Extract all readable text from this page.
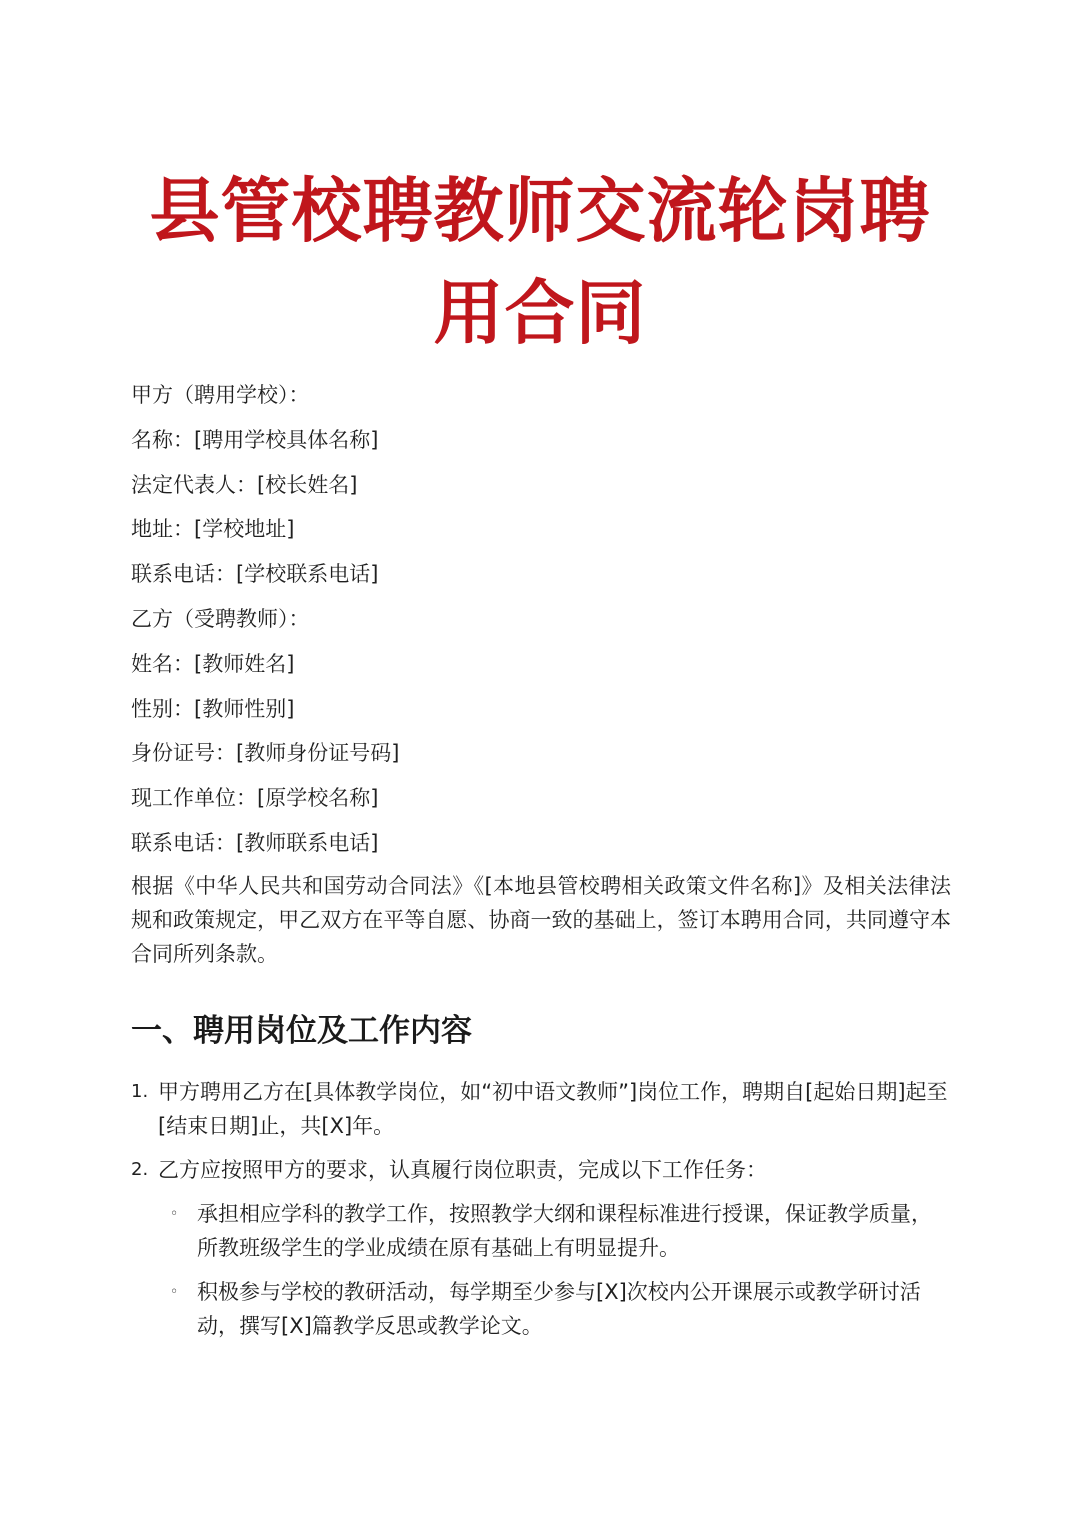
县管校聘教师交流轮岗聘用合同

甲方（聘用学校）：

名称：[聘用学校具体名称]

法定代表人：[校长姓名]

地址：[学校地址]

联系电话：[学校联系电话]

乙方（受聘教师）：

姓名：[教师姓名]

性别：[教师性别]

身份证号：[教师身份证号码]

现工作单位：[原学校名称]

联系电话：[教师联系电话]

根据《中华人民共和国劳动合同法》《[本地县管校聘相关政策文件名称]》及相关法律法规和政策规定，甲乙双方在平等自愿、协商一致的基础上，签订本聘用合同，共同遵守本合同所列条款。

一、聘用岗位及工作内容
1. 甲方聘用乙方在[具体教学岗位，如“初中语文教师”]岗位工作，聘期自[起始日期]起至[结束日期]止，共[X]年。
2. 乙方应按照甲方的要求，认真履行岗位职责，完成以下工作任务：
◦ 承担相应学科的教学工作，按照教学大纲和课程标准进行授课，保证教学质量，所教班级学生的学业成绩在原有基础上有明显提升。
◦ 积极参与学校的教研活动，每学期至少参与[X]次校内公开课展示或教学研讨活动，撰写[X]篇教学反思或教学论文。
